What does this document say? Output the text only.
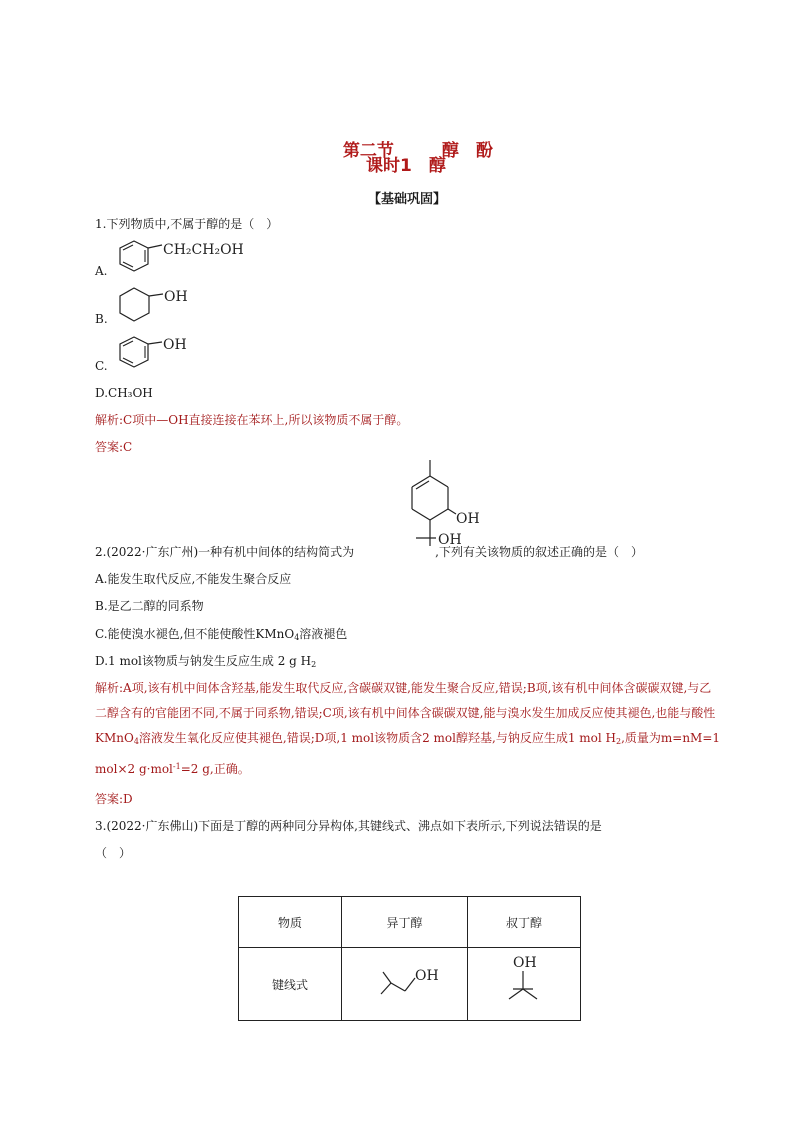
第二节	醇　酚

课时1　醇
【基础巩固】
1.下列物质中,不属于醇的是（　）
A.
CH₂CH₂OH
B.
OH
C.
OH
D.CH₃OH
解析:C项中—OH直接连接在苯环上,所以该物质不属于醇。
答案:C
OH
OH
2.(2022·广东广州)一种有机中间体的结构简式为	,下列有关该物质的叙述正确的是（　）
A.能发生取代反应,不能发生聚合反应
B.是乙二醇的同系物
C.能使溴水褪色,但不能使酸性KMnO$_4$溶液褪色
D.1 mol该物质与钠发生反应生成 2 g $H_2$
解析:A项,该有机中间体含羟基,能发生取代反应,含碳碳双键,能发生聚合反应,错误;B项,该有机中间体含碳碳双键,与乙二醇含有的官能团不同,不属于同系物,错误;C项,该有机中间体含碳碳双键,能与溴水发生加成反应使其褪色,也能与酸性KMnO$_4$溶液发生氧化反应使其褪色,错误;D项,1 mol该物质含2 mol醇羟基,与钠反应生成1 mol $H_2$,质量为m=nM=1 mol×2 g·mol$^{-1}$=2 g,正确。
答案:D
3.(2022·广东佛山)下面是丁醇的两种同分异构体,其键线式、沸点如下表所示,下列说法错误的是
（　）
物质	异丁醇	叔丁醇
键线式	OH	OH
